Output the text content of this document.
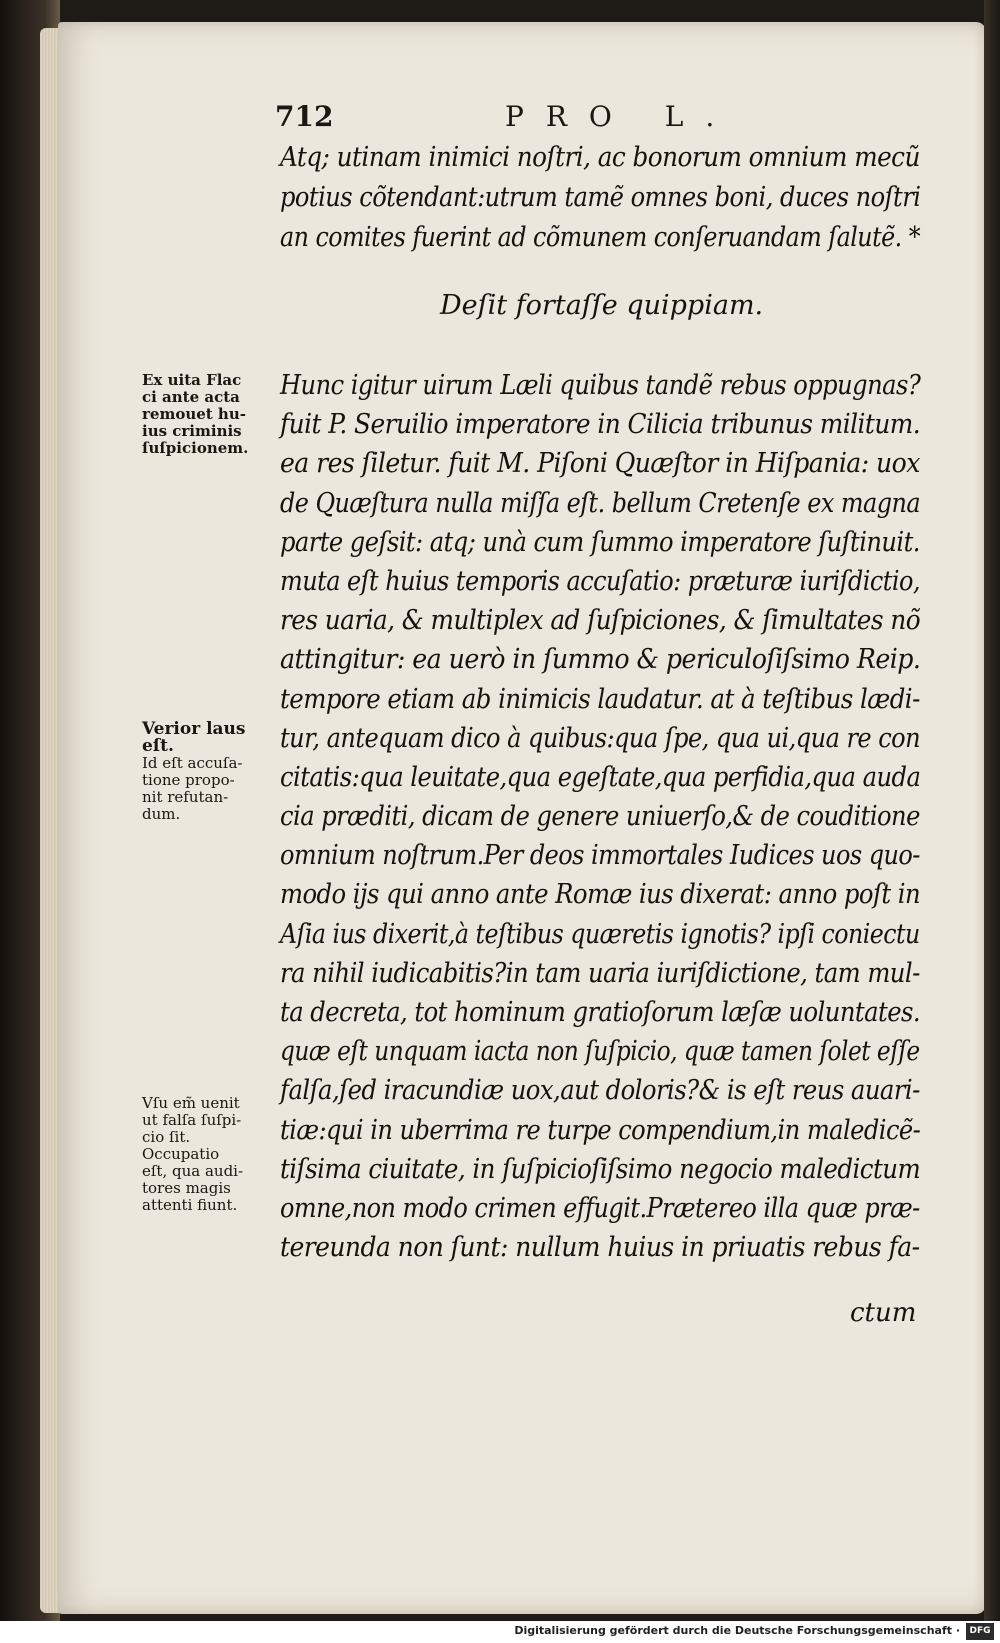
712	PRO L.
Atq; utinam inimici noſtri, ac bonorum omnium mecũ
potius cõtendant:utrum tamẽ omnes boni, duces noſtri
an comites fuerint ad cõmunem conſeruandam ſalutẽ. *
Deſit fortaſſe quippiam.
Hunc igitur uirum Læli quibus tandẽ rebus oppugnas?
fuit P. Seruilio imperatore in Cilicia tribunus militum.
ea res ſiletur. fuit M. Piſoni Quæſtor in Hiſpania: uox
de Quæſtura nulla miſſa eſt. bellum Cretenſe ex magna
parte geſsit: atq; unà cum ſummo imperatore ſuſtinuit.
muta eſt huius temporis accuſatio: præturæ iuriſdictio,
res uaria, & multiplex ad ſuſpiciones, & ſimultates nõ
attingitur: ea uerò in ſummo & periculoſiſsimo Reip.
tempore etiam ab inimicis laudatur. at à teſtibus lædi-
tur, antequam dico à quibus:qua ſpe, qua ui,qua re con
citatis:qua leuitate,qua egeſtate,qua perfidia,qua auda
cia præditi, dicam de genere uniuerſo,& de couditione
omnium noſtrum.Per deos immortales Iudices uos quo-
modo ijs qui anno ante Romæ ius dixerat: anno poſt in
Aſia ius dixerit,à teſtibus quæretis ignotis? ipſi coniectu
ra nihil iudicabitis?in tam uaria iuriſdictione, tam mul-
ta decreta, tot hominum gratioſorum læſæ uoluntates.
quæ eſt unquam iacta non ſuſpicio, quæ tamen ſolet eſſe
falſa,ſed iracundiæ uox,aut doloris?& is eſt reus auari-
tiæ:qui in uberrima re turpe compendium,in maledicẽ-
tiſsima ciuitate, in ſuſpicioſiſsimo negocio maledictum
omne,non modo crimen effugit.Prætereo illa quæ præ-
tereunda non ſunt: nullum huius in priuatis rebus fa-
Ex uita Flac
ci ante acta
remouet hu-
ius criminis
ſuſpicionem.
Verior laus
eſt.
Id eſt accuſa-
tione propo-
nit refutan-
dum.
Vſu em̃ uenit
ut falſa ſuſpi-
cio ſit.
Occupatio
eſt, qua audi-
tores magis
attenti fiunt.
ctum
Digitalisierung gefördert durch die Deutsche Forschungsgemeinschaft ·	DFG
